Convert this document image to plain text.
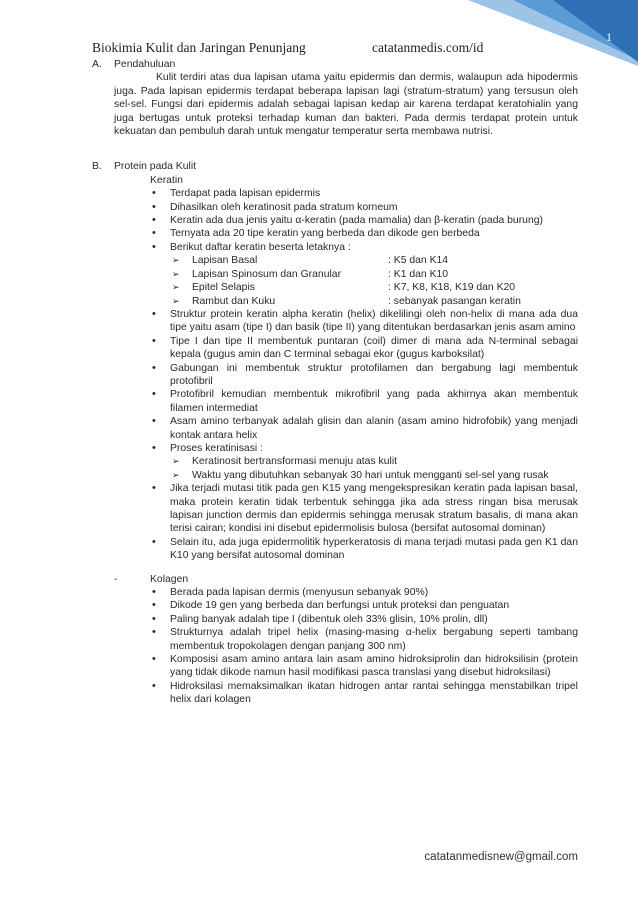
1
Biokimia Kulit dan Jaringan Penunjang	catatanmedis.com/id
A.	Pendahuluan

Kulit terdiri atas dua lapisan utama yaitu epidermis dan dermis, walaupun ada hipodermis juga. Pada lapisan epidermis terdapat beberapa lapisan lagi (stratum-stratum) yang tersusun oleh sel-sel. Fungsi dari epidermis adalah sebagai lapisan kedap air karena terdapat keratohialin yang juga bertugas untuk proteksi terhadap kuman dan bakteri. Pada dermis terdapat protein untuk kekuatan dan pembuluh darah untuk mengatur temperatur serta membawa nutrisi.

B.	Protein pada Kulit
Keratin
• Terdapat pada lapisan epidermis
• Dihasilkan oleh keratinosit pada stratum korneum
• Keratin ada dua jenis yaitu α-keratin (pada mamalia) dan β-keratin (pada burung)
• Ternyata ada 20 tipe keratin yang berbeda dan dikode gen berbeda
• Berikut daftar keratin beserta letaknya :
➢ Lapisan Basal	: K5 dan K14
➢ Lapisan Spinosum dan Granular	: K1 dan K10
➢ Epitel Selapis	: K7, K8, K18, K19 dan K20
➢ Rambut dan Kuku	: sebanyak pasangan keratin
• Struktur protein keratin alpha keratin (helix) dikelilingi oleh non-helix di mana ada dua tipe yaitu asam (tipe I) dan basik (tipe II) yang ditentukan berdasarkan jenis asam amino
• Tipe I dan tipe II membentuk puntaran (coil) dimer di mana ada N-terminal sebagai kepala (gugus amin dan C terminal sebagai ekor (gugus karboksilat)
• Gabungan ini membentuk struktur protofilamen dan bergabung lagi membentuk protofibril
• Protofibril kemudian membentuk mikrofibril yang pada akhirnya akan membentuk filamen intermediat
• Asam amino terbanyak adalah glisin dan alanin (asam amino hidrofobik) yang menjadi kontak antara helix
• Proses keratinisasi :
➢ Keratinosit bertransformasi menuju atas kulit
➢ Waktu yang dibutuhkan sebanyak 30 hari untuk mengganti sel-sel yang rusak
• Jika terjadi mutasi titik pada gen K15 yang mengekspresikan keratin pada lapisan basal, maka protein keratin tidak terbentuk sehingga jika ada stress ringan bisa merusak lapisan junction dermis dan epidermis sehingga merusak stratum basalis, di mana akan terisi cairan; kondisi ini disebut epidermolisis bulosa (bersifat autosomal dominan)
• Selain itu, ada juga epidermolitik hyperkeratosis di mana terjadi mutasi pada gen K1 dan K10 yang bersifat autosomal dominan
-	Kolagen
• Berada pada lapisan dermis (menyusun sebanyak 90%)
• Dikode 19 gen yang berbeda dan berfungsi untuk proteksi dan penguatan
• Paling banyak adalah tipe I (dibentuk oleh 33% glisin, 10% prolin, dll)
• Strukturnya adalah tripel helix (masing-masing α-helix bergabung seperti tambang membentuk tropokolagen dengan panjang 300 nm)
• Komposisi asam amino antara lain asam amino hidroksiprolin dan hidroksilisin (protein yang tidak dikode namun hasil modifikasi pasca translasi yang disebut hidroksilasi)
• Hidroksilasi memaksimalkan ikatan hidrogen antar rantai sehingga menstabilkan tripel helix dari kolagen
catatanmedisnew@gmail.com
